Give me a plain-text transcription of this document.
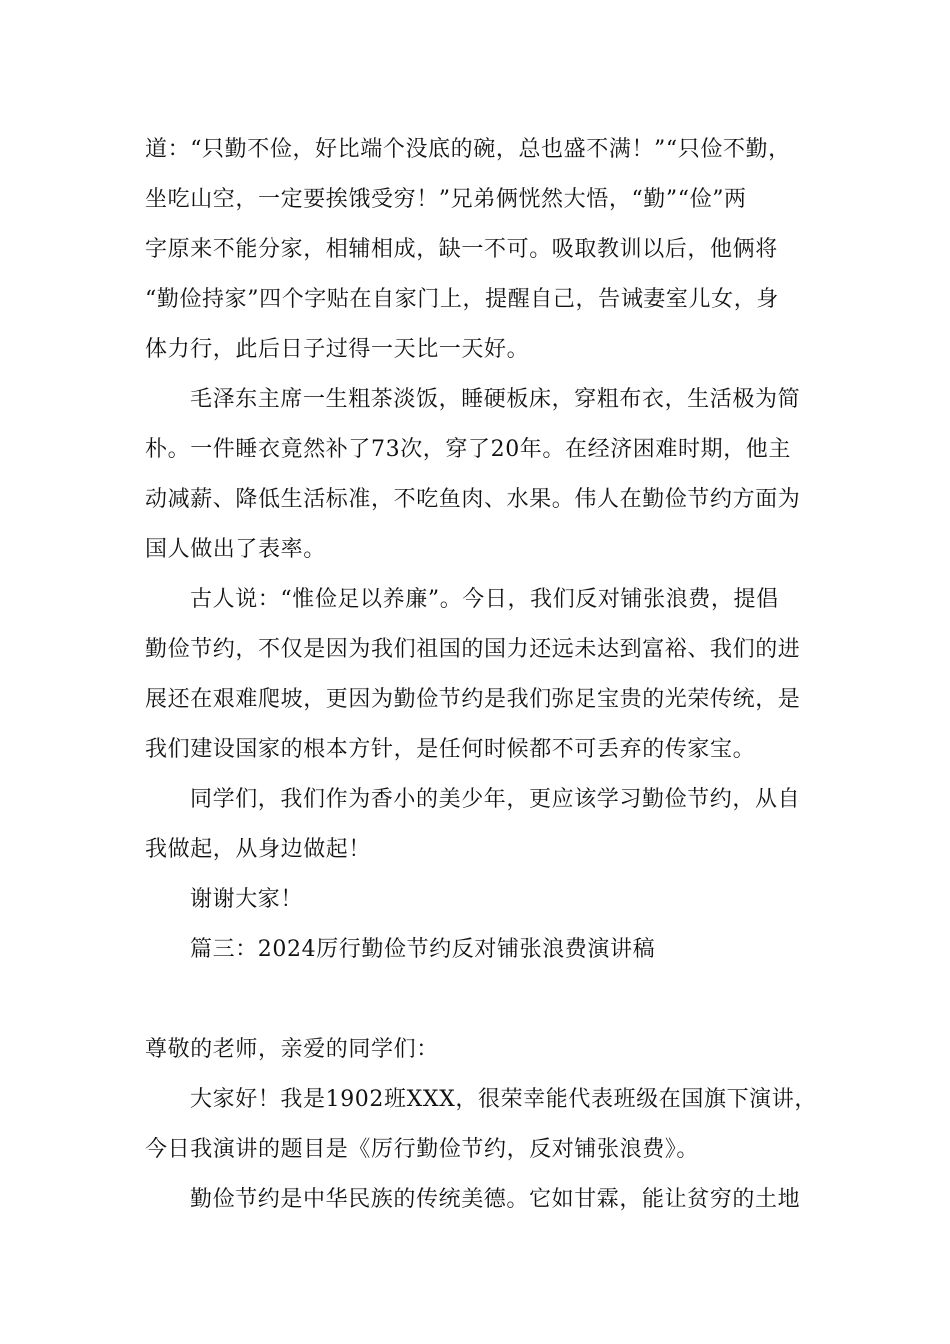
道：“只勤不俭，好比端个没底的碗，总也盛不满！”“只俭不勤，
坐吃山空，一定要挨饿受穷！”兄弟俩恍然大悟，“勤”“俭”两
字原来不能分家，相辅相成，缺一不可。吸取教训以后，他俩将
“勤俭持家”四个字贴在自家门上，提醒自己，告诫妻室儿女，身
体力行，此后日子过得一天比一天好。
毛泽东主席一生粗茶淡饭，睡硬板床，穿粗布衣，生活极为简
朴。一件睡衣竟然补了73次，穿了20年。在经济困难时期，他主
动减薪、降低生活标准，不吃鱼肉、水果。伟人在勤俭节约方面为
国人做出了表率。
古人说：“惟俭足以养廉”。今日，我们反对铺张浪费，提倡
勤俭节约，不仅是因为我们祖国的国力还远未达到富裕、我们的进
展还在艰难爬坡，更因为勤俭节约是我们弥足宝贵的光荣传统，是
我们建设国家的根本方针，是任何时候都不可丢弃的传家宝。
同学们，我们作为香小的美少年，更应该学习勤俭节约，从自
我做起，从身边做起！
谢谢大家！
篇三：2024厉行勤俭节约反对铺张浪费演讲稿
尊敬的老师，亲爱的同学们：
大家好！我是1902班XXX，很荣幸能代表班级在国旗下演讲，
今日我演讲的题目是《厉行勤俭节约，反对铺张浪费》。
勤俭节约是中华民族的传统美德。它如甘霖，能让贫穷的土地
